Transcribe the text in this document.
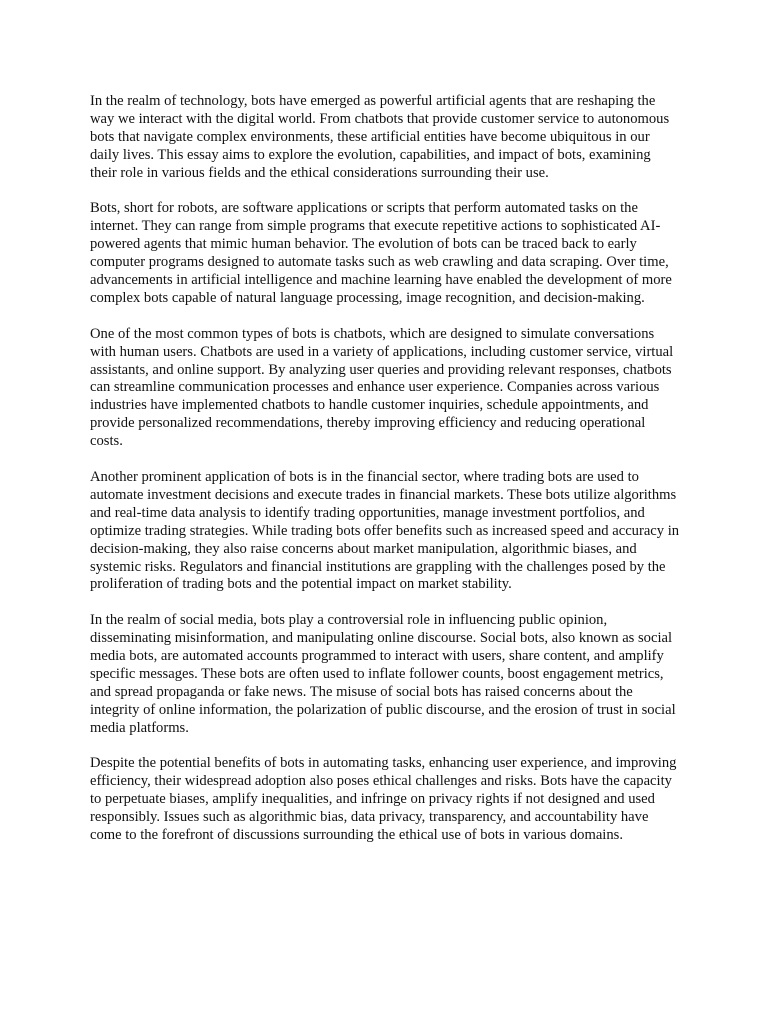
In the realm of technology, bots have emerged as powerful artificial agents that are reshaping the way we interact with the digital world. From chatbots that provide customer service to autonomous bots that navigate complex environments, these artificial entities have become ubiquitous in our daily lives. This essay aims to explore the evolution, capabilities, and impact of bots, examining their role in various fields and the ethical considerations surrounding their use.

Bots, short for robots, are software applications or scripts that perform automated tasks on the internet. They can range from simple programs that execute repetitive actions to sophisticated AI-powered agents that mimic human behavior. The evolution of bots can be traced back to early computer programs designed to automate tasks such as web crawling and data scraping. Over time, advancements in artificial intelligence and machine learning have enabled the development of more complex bots capable of natural language processing, image recognition, and decision-making.

One of the most common types of bots is chatbots, which are designed to simulate conversations with human users. Chatbots are used in a variety of applications, including customer service, virtual assistants, and online support. By analyzing user queries and providing relevant responses, chatbots can streamline communication processes and enhance user experience. Companies across various industries have implemented chatbots to handle customer inquiries, schedule appointments, and provide personalized recommendations, thereby improving efficiency and reducing operational costs.

Another prominent application of bots is in the financial sector, where trading bots are used to automate investment decisions and execute trades in financial markets. These bots utilize algorithms and real-time data analysis to identify trading opportunities, manage investment portfolios, and optimize trading strategies. While trading bots offer benefits such as increased speed and accuracy in decision-making, they also raise concerns about market manipulation, algorithmic biases, and systemic risks. Regulators and financial institutions are grappling with the challenges posed by the proliferation of trading bots and the potential impact on market stability.

In the realm of social media, bots play a controversial role in influencing public opinion, disseminating misinformation, and manipulating online discourse. Social bots, also known as social media bots, are automated accounts programmed to interact with users, share content, and amplify specific messages. These bots are often used to inflate follower counts, boost engagement metrics, and spread propaganda or fake news. The misuse of social bots has raised concerns about the integrity of online information, the polarization of public discourse, and the erosion of trust in social media platforms.

Despite the potential benefits of bots in automating tasks, enhancing user experience, and improving efficiency, their widespread adoption also poses ethical challenges and risks. Bots have the capacity to perpetuate biases, amplify inequalities, and infringe on privacy rights if not designed and used responsibly. Issues such as algorithmic bias, data privacy, transparency, and accountability have come to the forefront of discussions surrounding the ethical use of bots in various domains.
